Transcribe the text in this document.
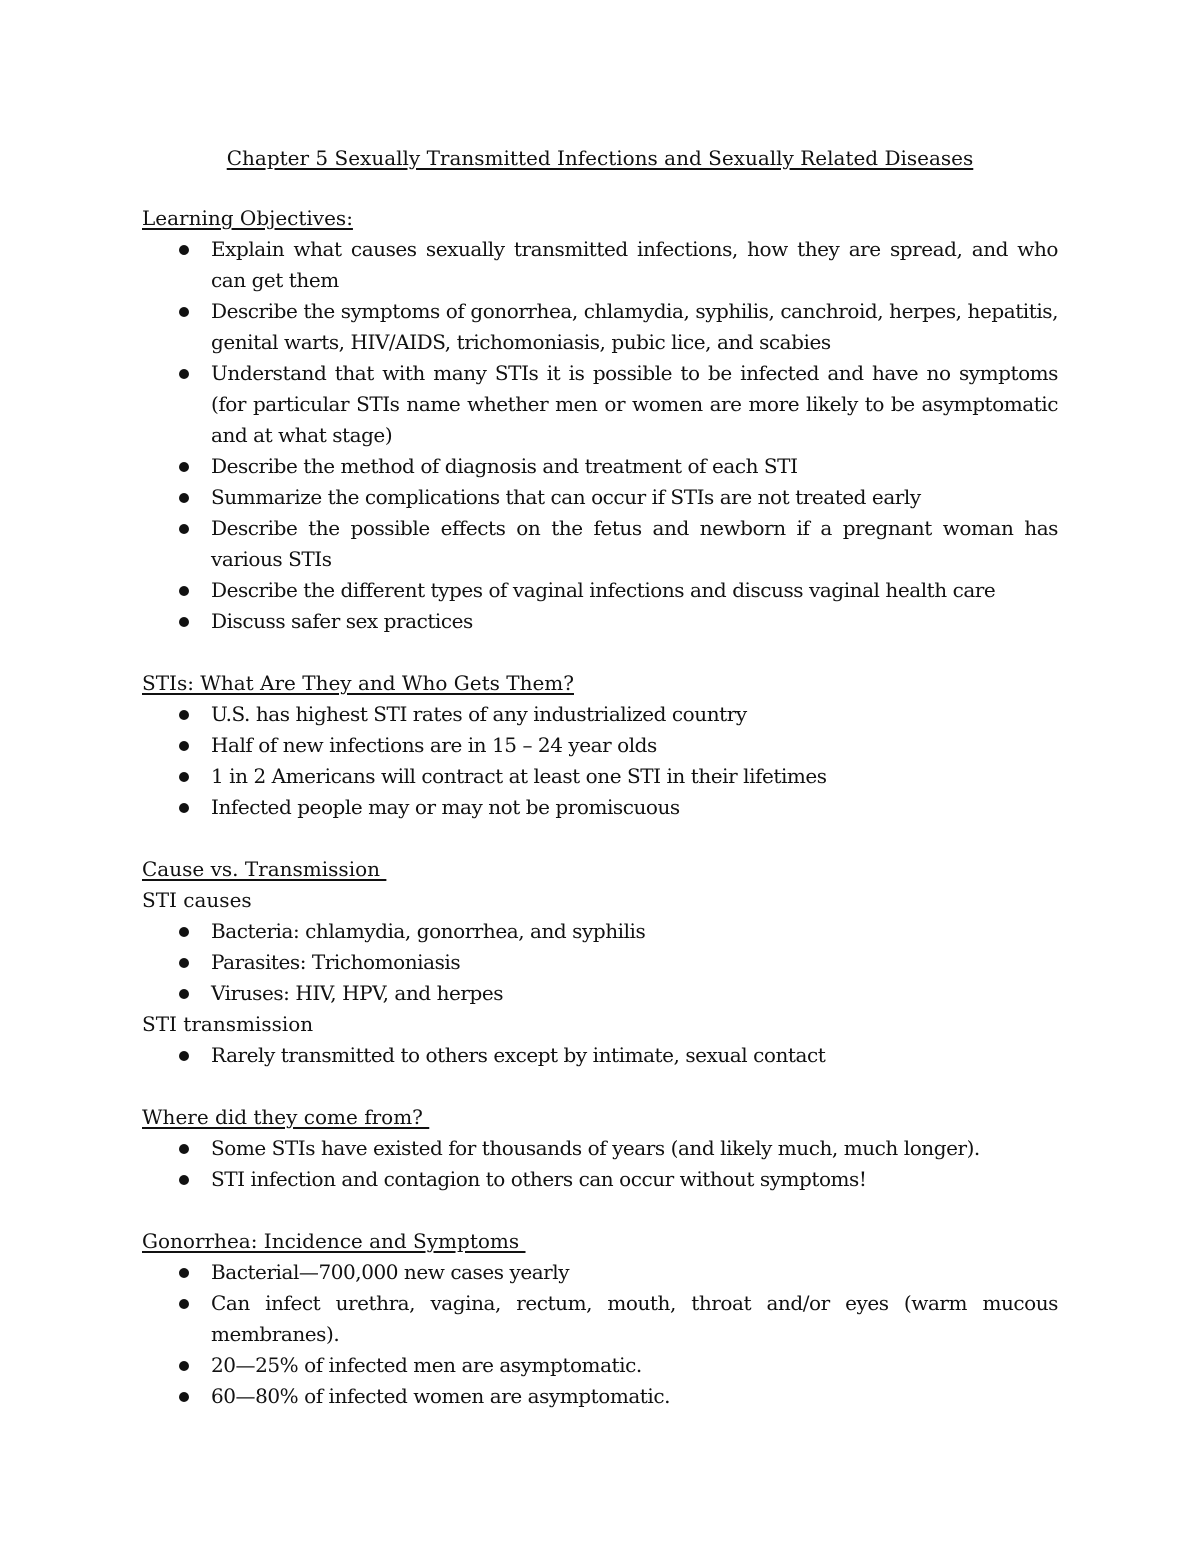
Chapter 5 Sexually Transmitted Infections and Sexually Related Diseases
Learning Objectives:
Explain what causes sexually transmitted infections, how they are spread, and who can get them
Describe the symptoms of gonorrhea, chlamydia, syphilis, canchroid, herpes, hepatitis, genital warts, HIV/AIDS, trichomoniasis, pubic lice, and scabies
Understand that with many STIs it is possible to be infected and have no symptoms (for particular STIs name whether men or women are more likely to be asymptomatic and at what stage)
Describe the method of diagnosis and treatment of each STI
Summarize the complications that can occur if STIs are not treated early
Describe the possible effects on the fetus and newborn if a pregnant woman has various STIs
Describe the different types of vaginal infections and discuss vaginal health care
Discuss safer sex practices
STIs: What Are They and Who Gets Them?
U.S. has highest STI rates of any industrialized country
Half of new infections are in 15 – 24 year olds
1 in 2 Americans will contract at least one STI in their lifetimes
Infected people may or may not be promiscuous
Cause vs. Transmission
STI causes
Bacteria: chlamydia, gonorrhea, and syphilis
Parasites: Trichomoniasis
Viruses: HIV, HPV, and herpes
STI transmission
Rarely transmitted to others except by intimate, sexual contact
Where did they come from?
Some STIs have existed for thousands of years (and likely much, much longer).
STI infection and contagion to others can occur without symptoms!
Gonorrhea: Incidence and Symptoms
Bacterial—700,000 new cases yearly
Can infect urethra, vagina, rectum, mouth, throat and/or eyes (warm mucous membranes).
20—25% of infected men are asymptomatic.
60—80% of infected women are asymptomatic.
